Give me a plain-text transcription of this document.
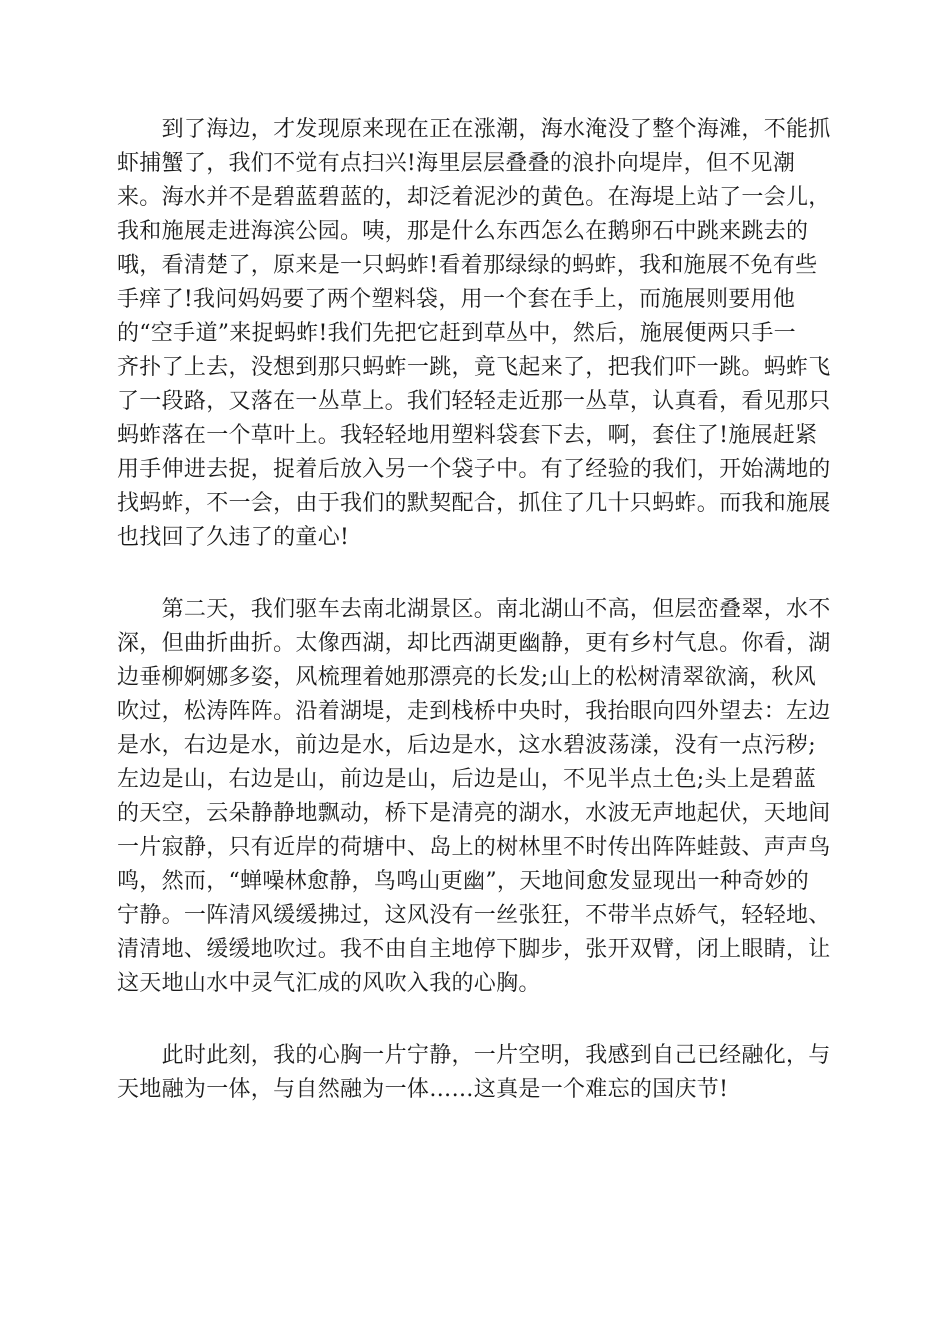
　　到了海边，才发现原来现在正在涨潮，海水淹没了整个海滩，不能抓

虾捕蟹了，我们不觉有点扫兴!海里层层叠叠的浪扑向堤岸，但不见潮

来。海水并不是碧蓝碧蓝的，却泛着泥沙的黄色。在海堤上站了一会儿，

我和施展走进海滨公园。咦，那是什么东西怎么在鹅卵石中跳来跳去的

哦，看清楚了，原来是一只蚂蚱!看着那绿绿的蚂蚱，我和施展不免有些

手痒了!我问妈妈要了两个塑料袋，用一个套在手上，而施展则要用他

的“空手道”来捉蚂蚱!我们先把它赶到草丛中，然后，施展便两只手一

齐扑了上去，没想到那只蚂蚱一跳，竟飞起来了，把我们吓一跳。蚂蚱飞

了一段路，又落在一丛草上。我们轻轻走近那一丛草，认真看，看见那只

蚂蚱落在一个草叶上。我轻轻地用塑料袋套下去，啊，套住了!施展赶紧

用手伸进去捉，捉着后放入另一个袋子中。有了经验的我们，开始满地的

找蚂蚱，不一会，由于我们的默契配合，抓住了几十只蚂蚱。而我和施展

也找回了久违了的童心!

　　第二天，我们驱车去南北湖景区。南北湖山不高，但层峦叠翠，水不

深，但曲折曲折。太像西湖，却比西湖更幽静，更有乡村气息。你看，湖

边垂柳婀娜多姿，风梳理着她那漂亮的长发;山上的松树清翠欲滴，秋风

吹过，松涛阵阵。沿着湖堤，走到栈桥中央时，我抬眼向四外望去：左边

是水，右边是水，前边是水，后边是水，这水碧波荡漾，没有一点污秽;

左边是山，右边是山，前边是山，后边是山，不见半点土色;头上是碧蓝

的天空，云朵静静地飘动，桥下是清亮的湖水，水波无声地起伏，天地间

一片寂静，只有近岸的荷塘中、岛上的树林里不时传出阵阵蛙鼓、声声鸟

鸣，然而，“蝉噪林愈静，鸟鸣山更幽”，天地间愈发显现出一种奇妙的

宁静。一阵清风缓缓拂过，这风没有一丝张狂，不带半点娇气，轻轻地、

清清地、缓缓地吹过。我不由自主地停下脚步，张开双臂，闭上眼睛，让

这天地山水中灵气汇成的风吹入我的心胸。

　　此时此刻，我的心胸一片宁静，一片空明，我感到自己已经融化，与

天地融为一体，与自然融为一体……这真是一个难忘的国庆节!
